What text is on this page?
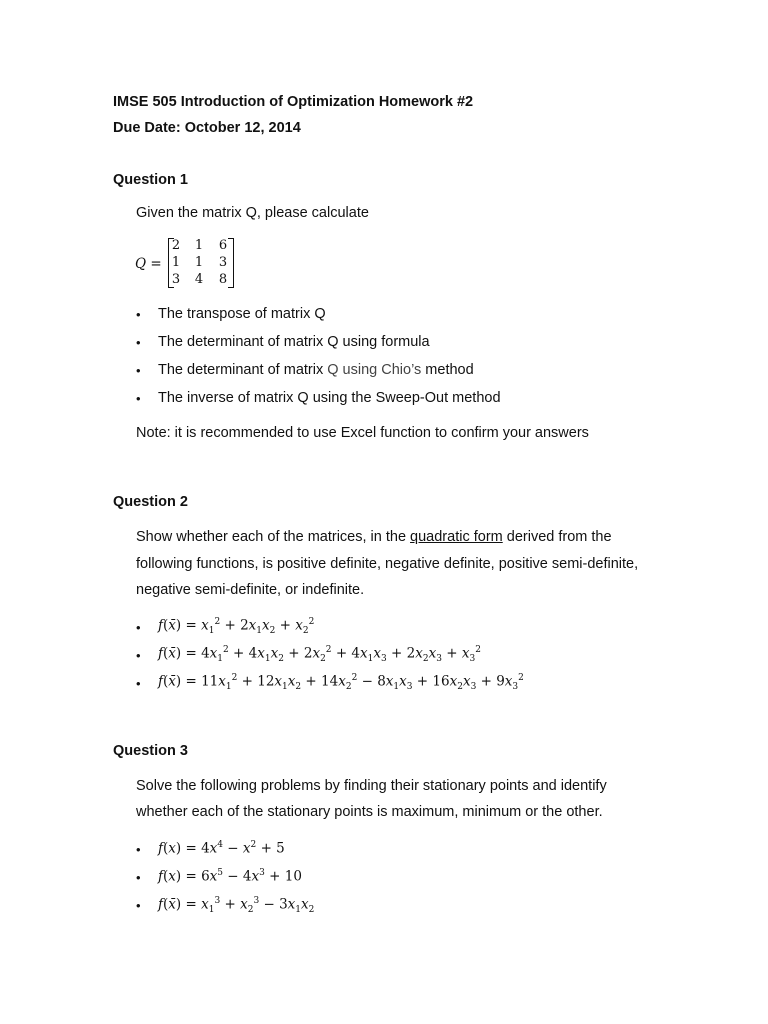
IMSE 505 Introduction of Optimization Homework #2
Due Date: October 12, 2014
Question 1
Given the matrix Q, please calculate
Q =
2 1 6
1 1 3
3 4 8
• The transpose of matrix Q
• The determinant of matrix Q using formula
• The determinant of matrix Q using Chio’s method
• The inverse of matrix Q using the Sweep-Out method
Note: it is recommended to use Excel function to confirm your answers
Question 2
Show whether each of the matrices, in the quadratic form derived from the
following functions, is positive definite, negative definite, positive semi-definite,
negative semi-definite, or indefinite.
• f(x̄) = $x_1^2 + 2x_1x_2 + x_2^2$
• f(x̄) = $4x_1^2 + 4x_1x_2 + 2x_2^2 + 4x_1x_3 + 2x_2x_3 + x_3^2$
• f(x̄) = $11x_1^2 + 12x_1x_2 + 14x_2^2 - 8x_1x_3 + 16x_2x_3 + 9x_3^2$
Question 3
Solve the following problems by finding their stationary points and identify
whether each of the stationary points is maximum, minimum or the other.
• $f(x) = 4x^4 - x^2 + 5$
• $f(x) = 6x^5 - 4x^3 + 10$
• f(x̄) = $x_1^3 + x_2^3 - 3x_1x_2$
